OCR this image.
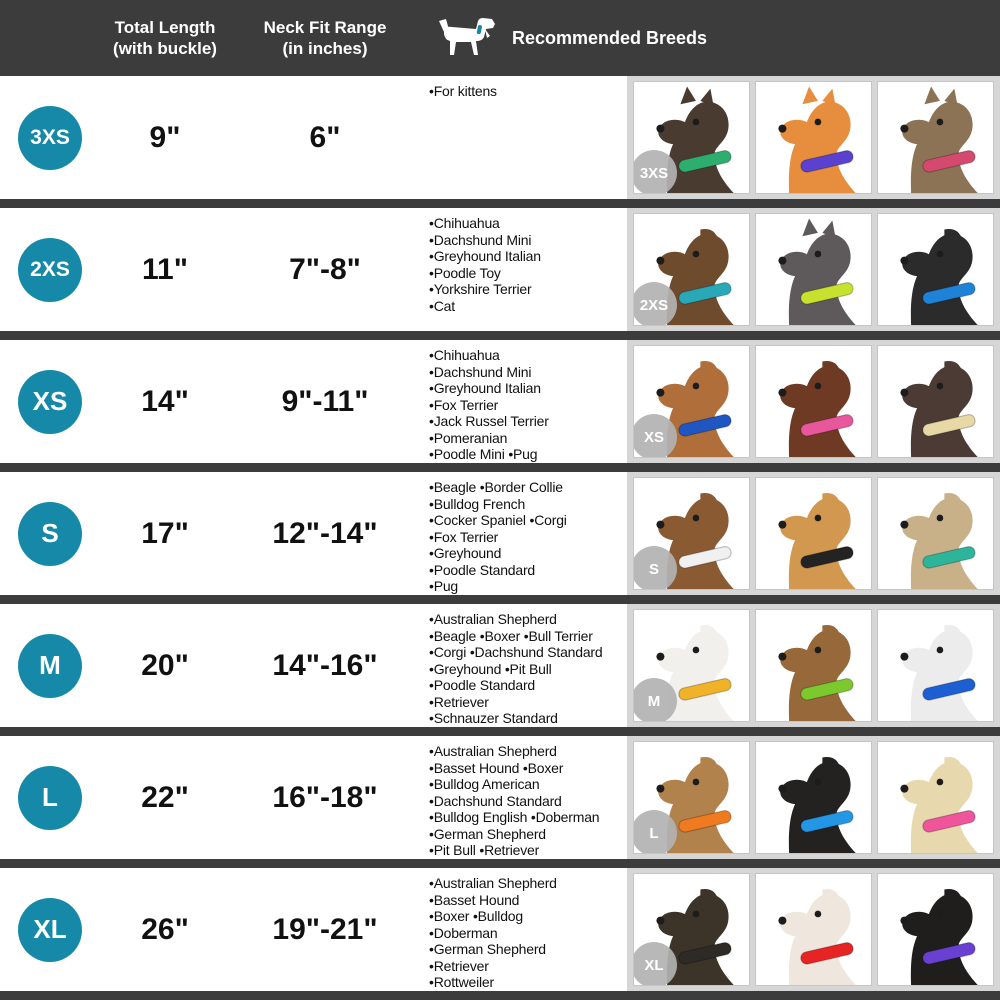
Total Length
(with buckle)
Neck Fit Range
(in inches)
Recommended Breeds
3XS	9"	6"
•For kittens
3XS
2XS	11"	7"-8"
•Chihuahua
•Dachshund Mini
•Greyhound Italian
•Poodle Toy
•Yorkshire Terrier
•Cat	2XS
XS	14"	9"-11"
•Chihuahua
•Dachshund Mini
•Greyhound Italian
•Fox Terrier
•Jack Russel Terrier
•Pomeranian
•Poodle Mini •Pug
XS
S	17"	12"-14"
•Beagle •Border Collie
•Bulldog French
•Cocker Spaniel •Corgi
•Fox Terrier
•Greyhound
•Poodle Standard
•Pug
S
M	20"	14"-16"
•Australian Shepherd
•Beagle •Boxer •Bull Terrier
•Corgi •Dachshund Standard
•Greyhound •Pit Bull
•Poodle Standard
•Retriever
•Schnauzer Standard
M
L	22"	16"-18"
•Australian Shepherd
•Basset Hound •Boxer
•Bulldog American
•Dachshund Standard
•Bulldog English •Doberman
•German Shepherd
•Pit Bull •Retriever
L
XL	26"	19"-21"
•Australian Shepherd
•Basset Hound
•Boxer •Bulldog
•Doberman
•German Shepherd
•Retriever
•Rottweiler
XL
